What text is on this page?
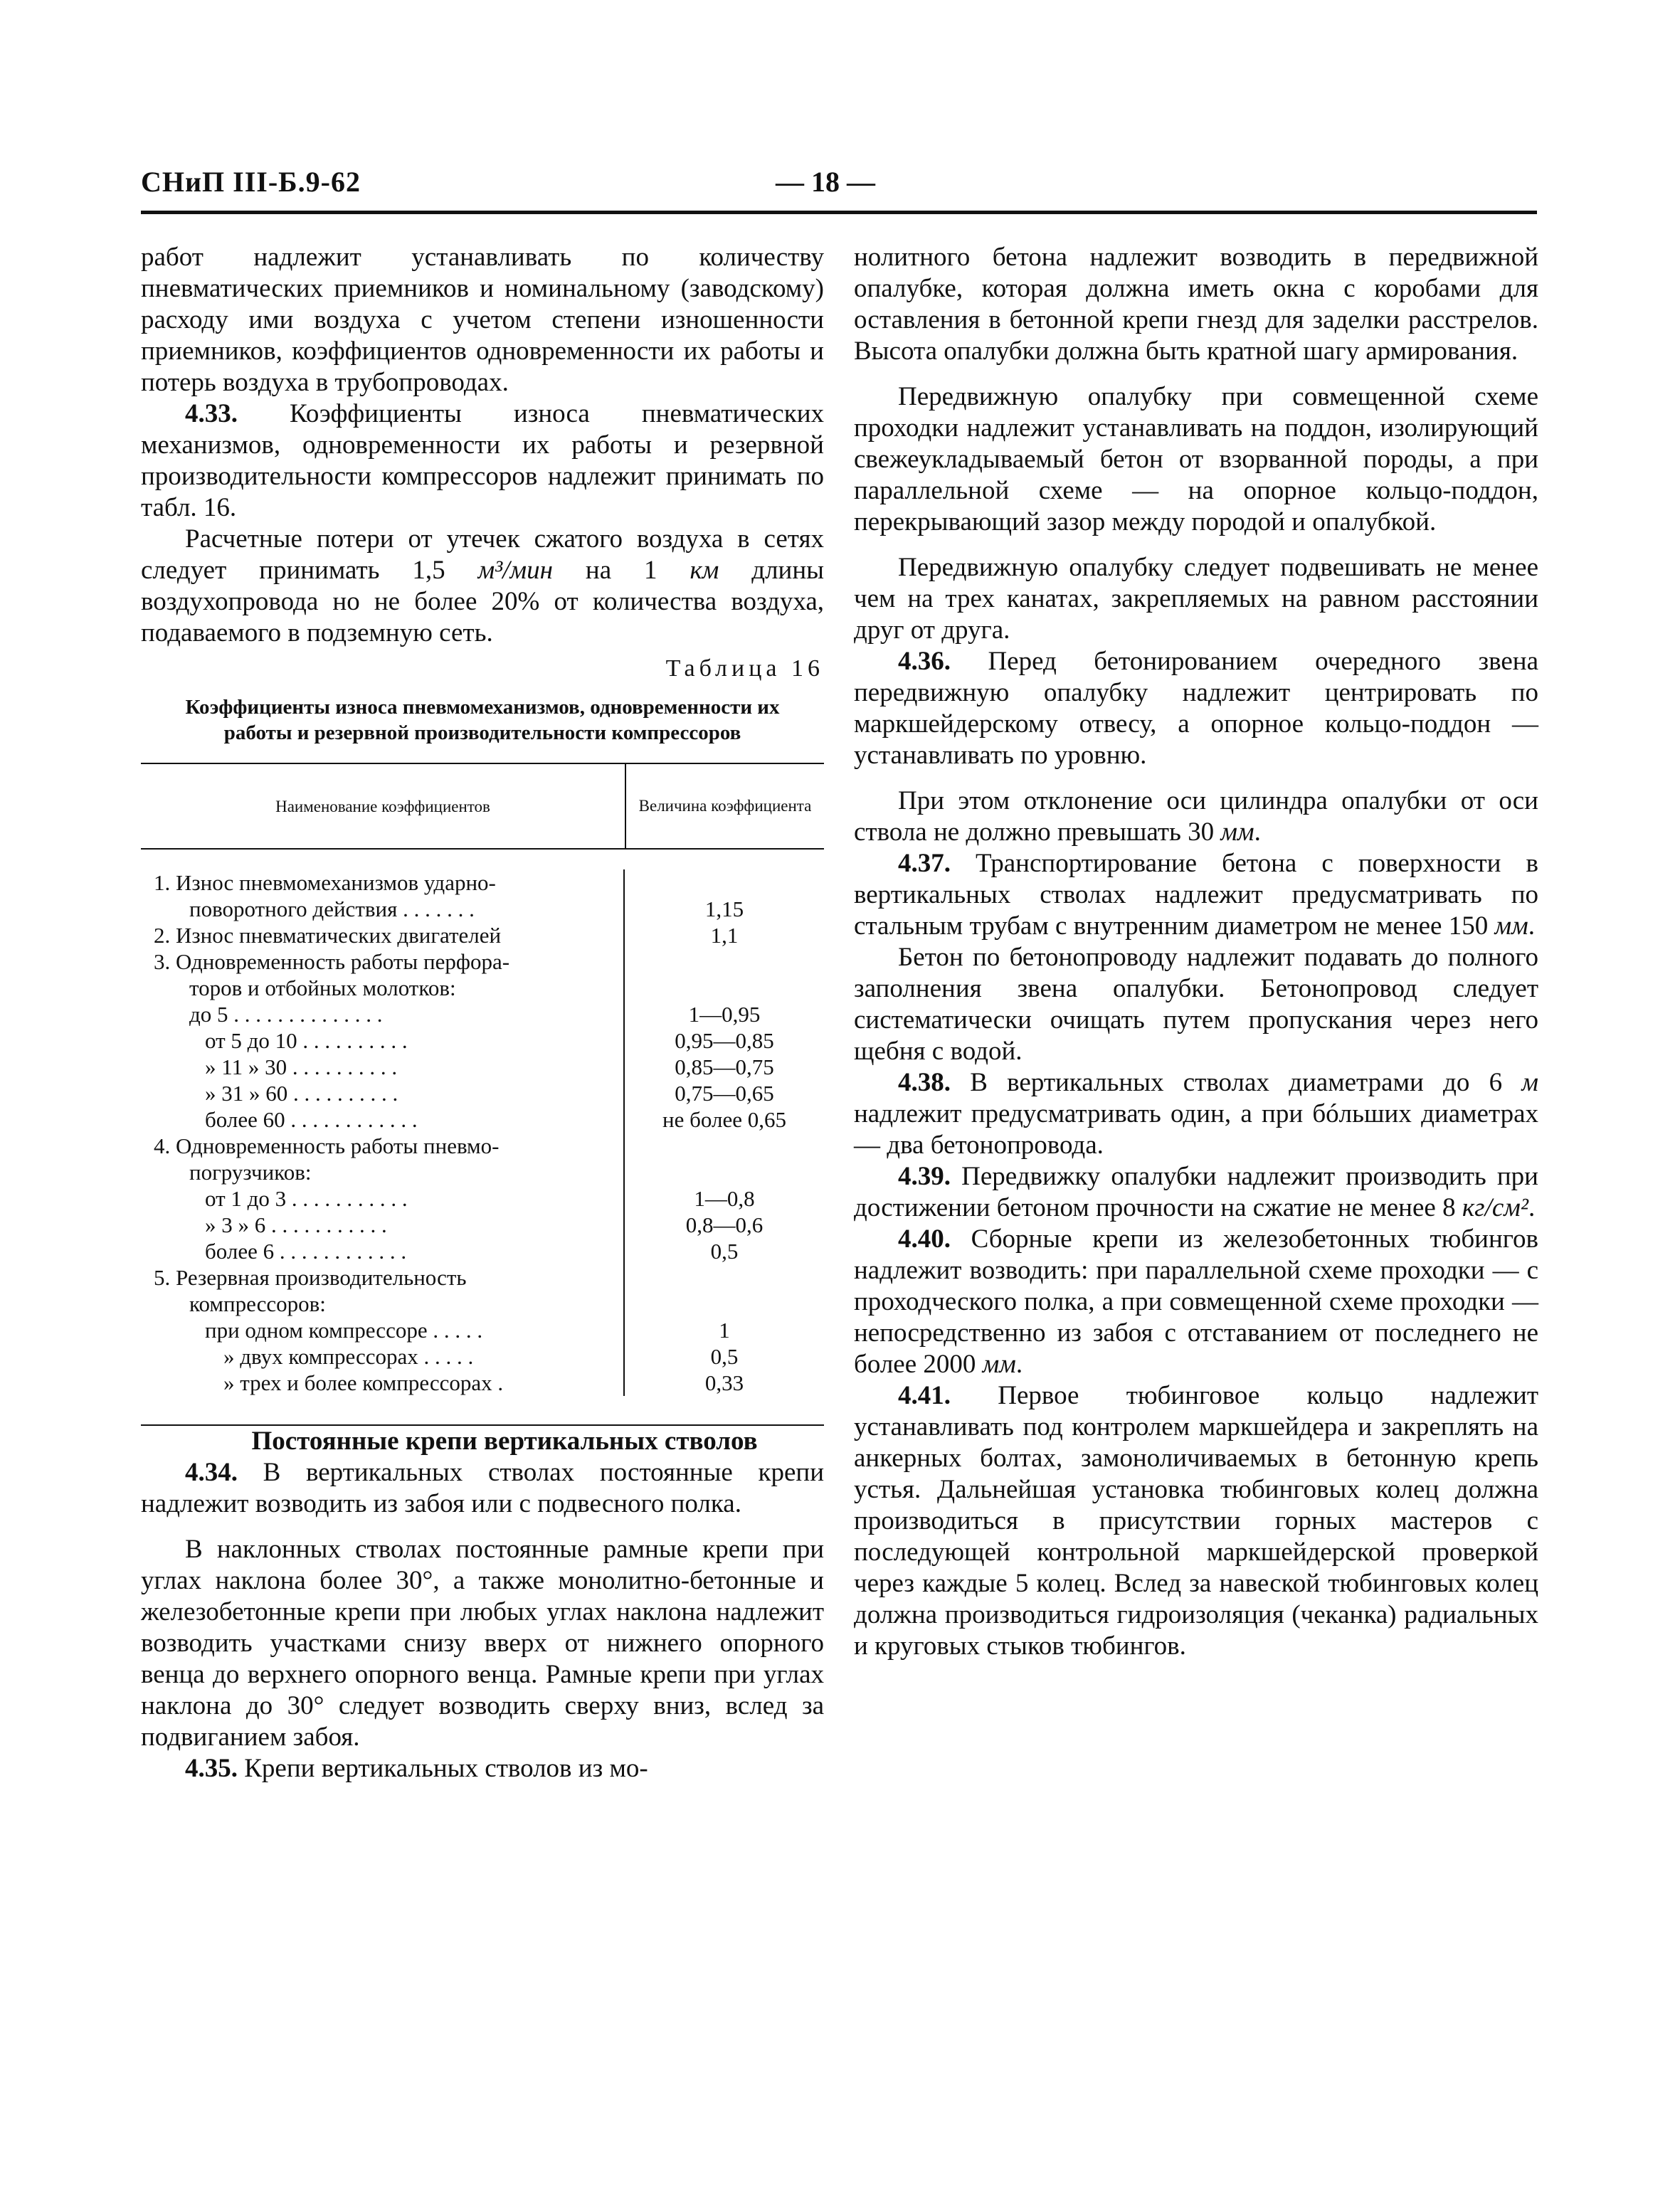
СНиП III-Б.9-62	— 18 —

работ надлежит устанавливать по количеству пневматических приемников и номинальному (заводскому) расходу ими воздуха с учетом степени изношенности приемников, коэффициентов одновременности их работы и потерь воздуха в трубопроводах.

4.33. Коэффициенты износа пневматических механизмов, одновременности их работы и резервной производительности компрессоров надлежит принимать по табл. 16.

Расчетные потери от утечек сжатого воздуха в сетях следует принимать 1,5 м³/мин на 1 км длины воздухопровода но не более 20% от количества воздуха, подаваемого в подземную сеть.

Таблица 16
Коэффициенты износа пневмомеханизмов, одновременности их работы и резервной производительности компрессоров
Наименование коэффициентов	Величина коэффициента
1. Износ пневмомеханизмов ударно-
поворотного действия . . . . . . .
2. Износ пневматических двигателей
3. Одновременность работы перфора-
торов и отбойных молотков:
до 5 . . . . . . . . . . . . . .
от 5 до 10 . . . . . . . . . .
» 11 » 30 . . . . . . . . . .
» 31 » 60 . . . . . . . . . .
более 60 . . . . . . . . . . . .
4. Одновременность работы пневмо-
погрузчиков:
от 1 до 3 . . . . . . . . . . .
» 3 » 6 . . . . . . . . . . .
более 6 . . . . . . . . . . . .
5. Резервная производительность
компрессоров:
при одном компрессоре . . . . .
» двух компрессорах . . . . .
» трех и более компрессорах .
1,15
1,1
1—0,95
0,95—0,85
0,85—0,75
0,75—0,65
не более 0,65
1—0,8
0,8—0,6
0,5
1
0,5
0,33

Постоянные крепи вертикальных стволов

4.34. В вертикальных стволах постоянные крепи надлежит возводить из забоя или с подвесного полка.

В наклонных стволах постоянные рамные крепи при углах наклона более 30°, а также монолитно-бетонные и железобетонные крепи при любых углах наклона надлежит возводить участками снизу вверх от нижнего опорного венца до верхнего опорного венца. Рамные крепи при углах наклона до 30° следует возводить сверху вниз, вслед за подвиганием забоя.

4.35. Крепи вертикальных стволов из мо-

нолитного бетона надлежит возводить в передвижной опалубке, которая должна иметь окна с коробами для оставления в бетонной крепи гнезд для заделки расстрелов. Высота опалубки должна быть кратной шагу армирования.

Передвижную опалубку при совмещенной схеме проходки надлежит устанавливать на поддон, изолирующий свежеукладываемый бетон от взорванной породы, а при параллельной схеме — на опорное кольцо-поддон, перекрывающий зазор между породой и опалубкой.

Передвижную опалубку следует подвешивать не менее чем на трех канатах, закрепляемых на равном расстоянии друг от друга.

4.36. Перед бетонированием очередного звена передвижную опалубку надлежит центрировать по маркшейдерскому отвесу, а опорное кольцо-поддон — устанавливать по уровню.

При этом отклонение оси цилиндра опалубки от оси ствола не должно превышать 30 мм.

4.37. Транспортирование бетона с поверхности в вертикальных стволах надлежит предусматривать по стальным трубам с внутренним диаметром не менее 150 мм.

Бетон по бетонопроводу надлежит подавать до полного заполнения звена опалубки. Бетонопровод следует систематически очищать путем пропускания через него щебня с водой.

4.38. В вертикальных стволах диаметрами до 6 м надлежит предусматривать один, а при бóльших диаметрах — два бетонопровода.

4.39. Передвижку опалубки надлежит производить при достижении бетоном прочности на сжатие не менее 8 кг/см².

4.40. Сборные крепи из железобетонных тюбингов надлежит возводить: при параллельной схеме проходки — с проходческого полка, а при совмещенной схеме проходки — непосредственно из забоя с отставанием от последнего не более 2000 мм.

4.41. Первое тюбинговое кольцо надлежит устанавливать под контролем маркшейдера и закреплять на анкерных болтах, замоноличиваемых в бетонную крепь устья. Дальнейшая установка тюбинговых колец должна производиться в присутствии горных мастеров с последующей контрольной маркшейдерской проверкой через каждые 5 колец. Вслед за навеской тюбинговых колец должна производиться гидроизоляция (чеканка) радиальных и круговых стыков тюбингов.
